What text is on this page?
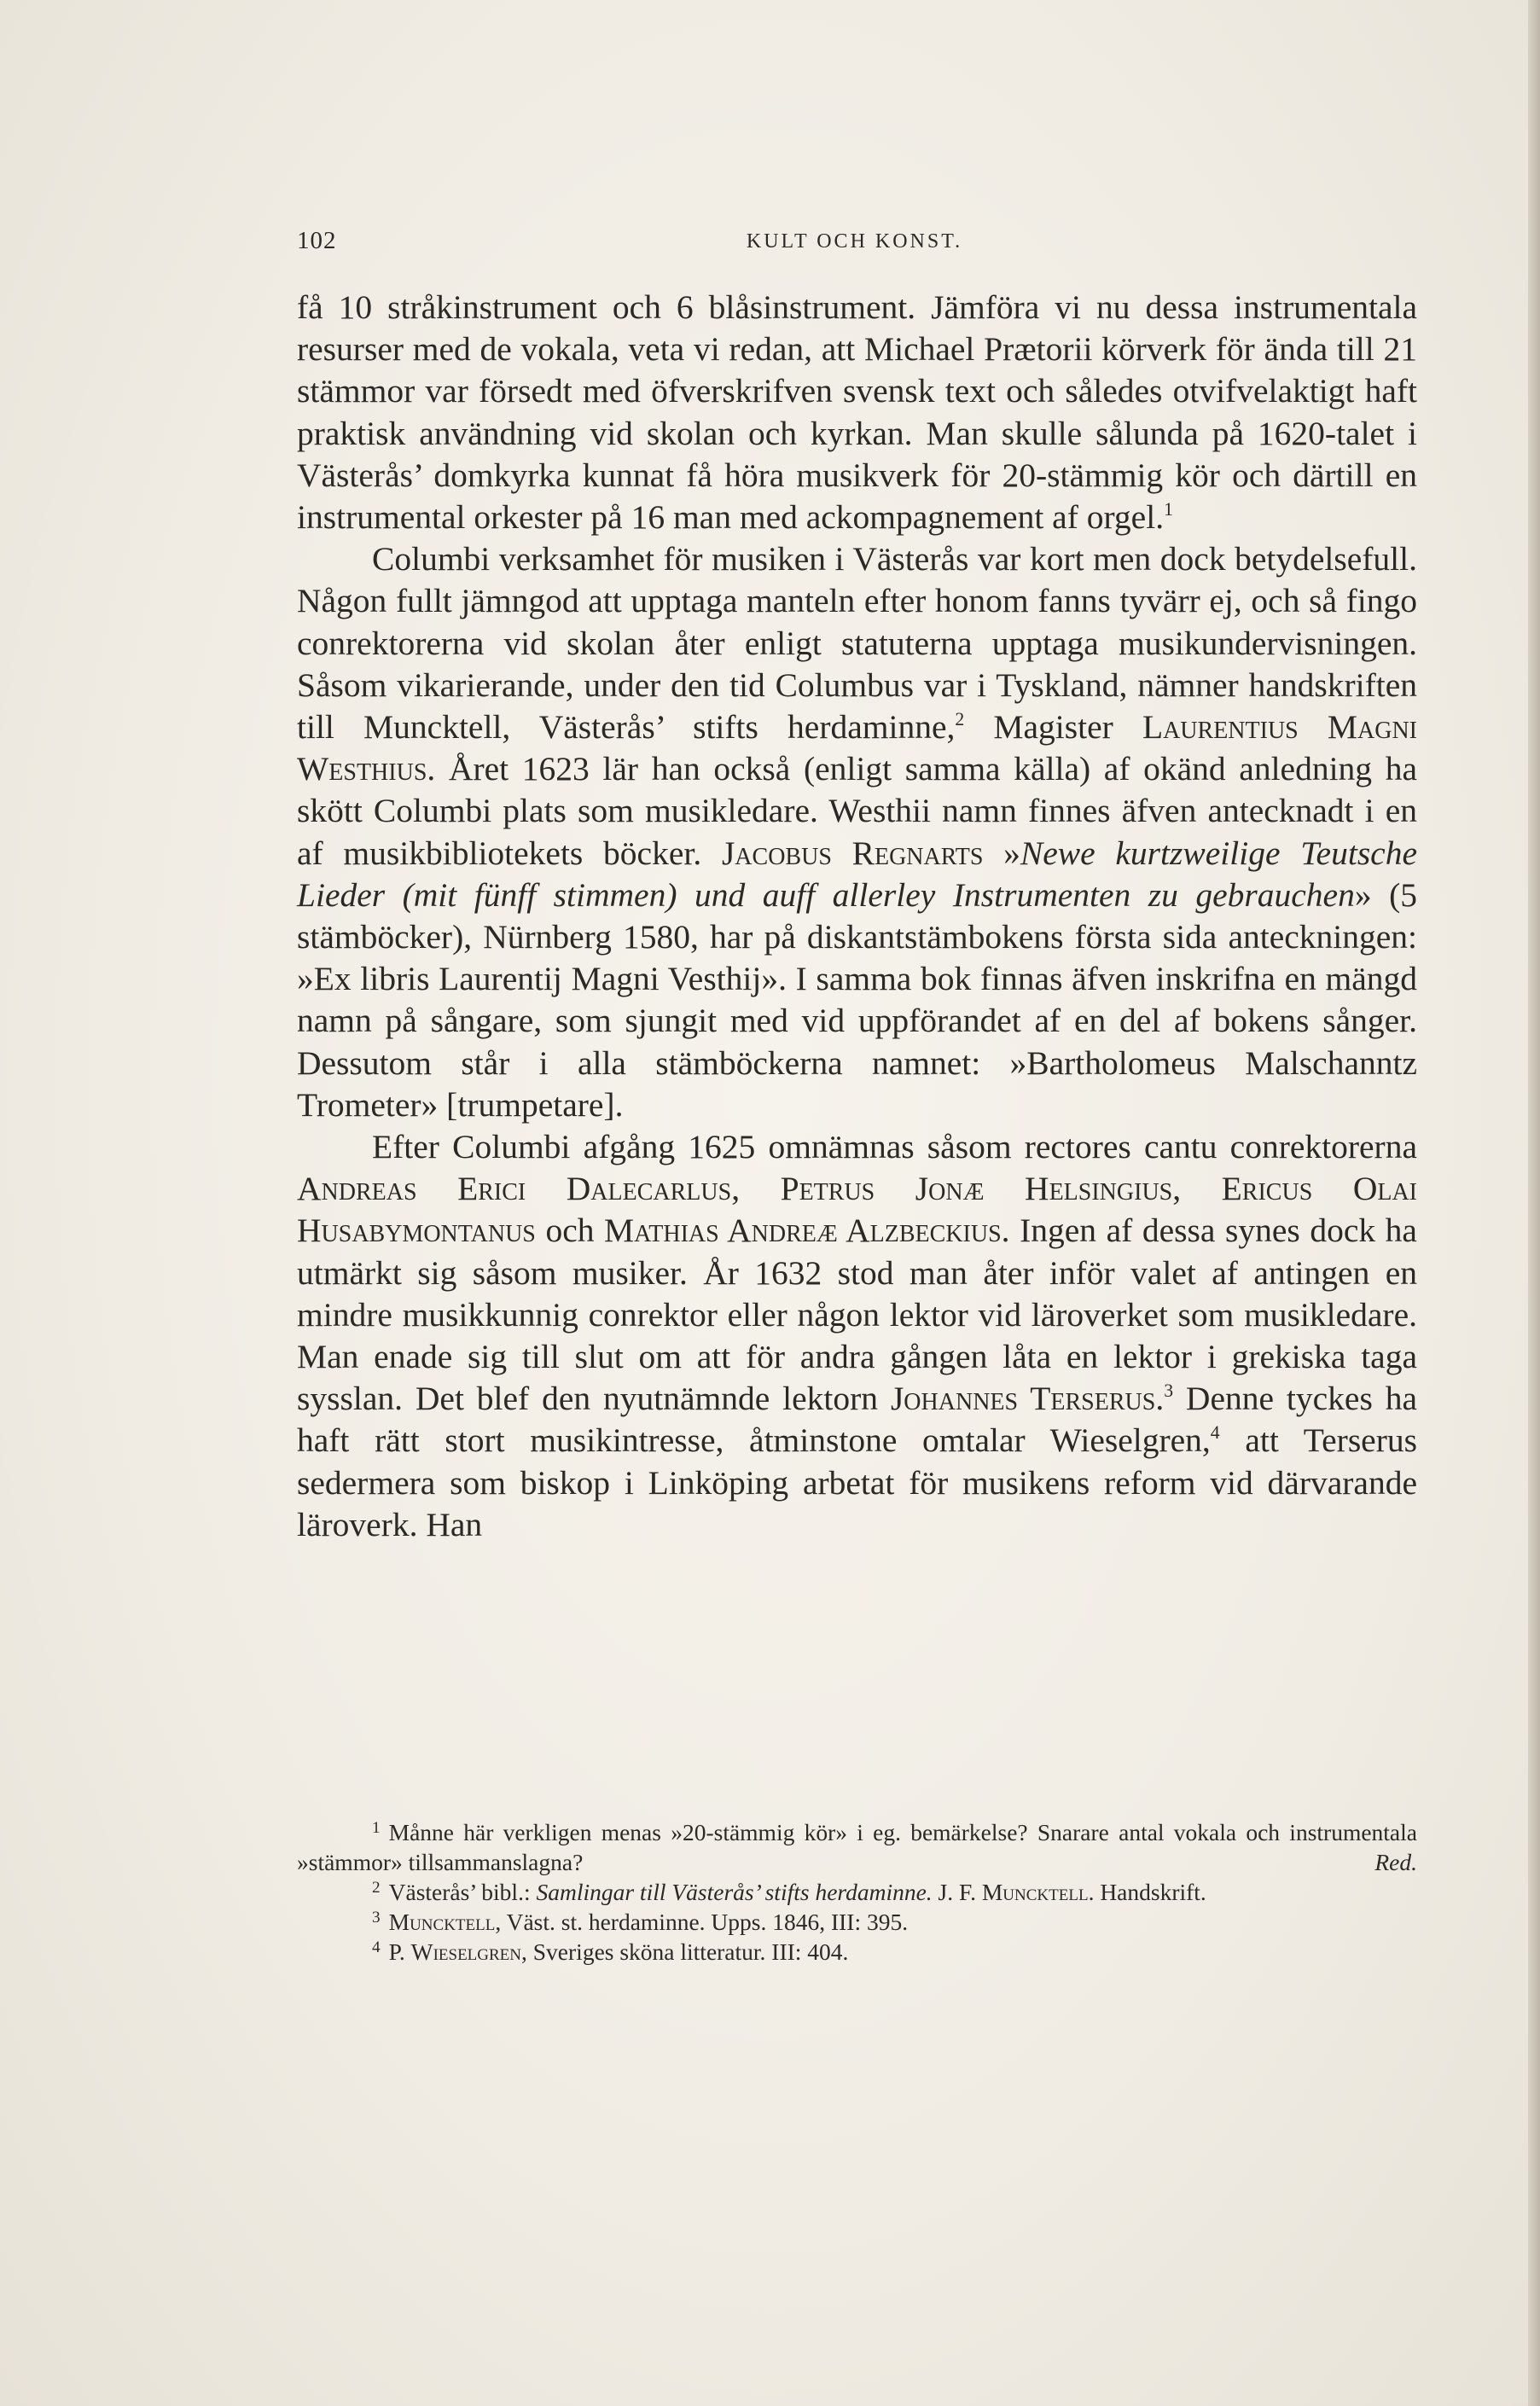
102	KULT OCH KONST.

få 10 stråkinstrument och 6 blåsinstrument. Jämföra vi nu dessa instrumentala resurser med de vokala, veta vi redan, att Michael Prætorii körverk för ända till 21 stämmor var försedt med öfverskrifven svensk text och således otvifvelaktigt haft praktisk användning vid skolan och kyrkan. Man skulle sålunda på 1620-talet i Västerås’ domkyrka kunnat få höra musikverk för 20-stämmig kör och därtill en instrumental orkester på 16 man med ackompagnement af orgel.$^1$

Columbi verksamhet för musiken i Västerås var kort men dock betydelsefull. Någon fullt jämngod att upptaga manteln efter honom fanns tyvärr ej, och så fingo conrektorerna vid skolan åter enligt statuterna upptaga musikundervisningen. Såsom vikarierande, under den tid Columbus var i Tyskland, nämner handskriften till Muncktell, Västerås’ stifts herdaminne,$^2$ Magister Laurentius Magni Westhius. Året 1623 lär han också (enligt samma källa) af okänd anledning ha skött Columbi plats som musikledare. Westhii namn finnes äfven antecknadt i en af musikbibliotekets böcker. Jacobus Regnarts »Newe kurtzweilige Teutsche Lieder (mit fünff stimmen) und auff allerley Instrumenten zu gebrauchen» (5 stämböcker), Nürnberg 1580, har på diskantstämbokens första sida anteckningen: »Ex libris Laurentij Magni Vesthij». I samma bok finnas äfven inskrifna en mängd namn på sångare, som sjungit med vid uppförandet af en del af bokens sånger. Dessutom står i alla stämböckerna namnet: »Bartholomeus Malschanntz Trometer» [trumpetare].

Efter Columbi afgång 1625 omnämnas såsom rectores cantu conrektorerna Andreas Erici Dalecarlus, Petrus Jonæ Helsingius, Ericus Olai Husabymontanus och Mathias Andreæ Alzbeckius. Ingen af dessa synes dock ha utmärkt sig såsom musiker. År 1632 stod man åter inför valet af antingen en mindre musikkunnig conrektor eller någon lektor vid läroverket som musikledare. Man enade sig till slut om att för andra gången låta en lektor i grekiska taga sysslan. Det blef den nyutnämnde lektorn Johannes Terserus.$^3$ Denne tyckes ha haft rätt stort musikintresse, åtminstone omtalar Wieselgren,$^4$ att Terserus sedermera som biskop i Linköping arbetat för musikens reform vid därvarande läroverk. Han

$^1$ Månne här verkligen menas »20-stämmig kör» i eg. bemärkelse? Snarare antal vokala och instrumentala »stämmor» tillsammanslagna?	Red.

$^2$ Västerås’ bibl.: Samlingar till Västerås’ stifts herdaminne. J. F. Muncktell. Handskrift.

$^3$ Muncktell, Väst. st. herdaminne. Upps. 1846, III: 395.

$^4$ P. Wieselgren, Sveriges sköna litteratur. III: 404.
